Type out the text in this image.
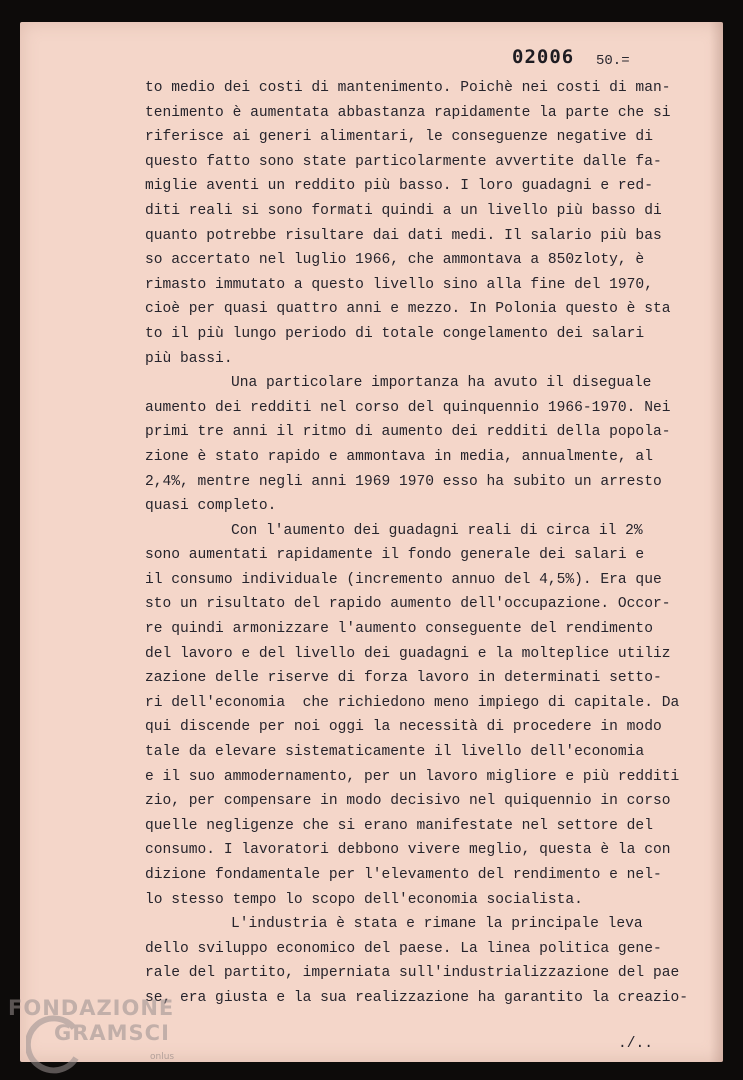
02006 50.=
to medio dei costi di mantenimento. Poichè nei costi di man-
tenimento è aumentata abbastanza rapidamente la parte che si
riferisce ai generi alimentari, le conseguenze negative di
questo fatto sono state particolarmente avvertite dalle fa-
miglie aventi un reddito più basso. I loro guadagni e red-
diti reali si sono formati quindi a un livello più basso di
quanto potrebbe risultare dai dati medi. Il salario più bas
so accertato nel luglio 1966, che ammontava a 850zloty, è
rimasto immutato a questo livello sino alla fine del 1970,
cioè per quasi quattro anni e mezzo. In Polonia questo è sta
to il più lungo periodo di totale congelamento dei salari
più bassi.
Una particolare importanza ha avuto il diseguale
aumento dei redditi nel corso del quinquennio 1966-1970. Nei
primi tre anni il ritmo di aumento dei redditi della popola-
zione è stato rapido e ammontava in media, annualmente, al
2,4%, mentre negli anni 1969 1970 esso ha subito un arresto
quasi completo.
Con l'aumento dei guadagni reali di circa il 2%
sono aumentati rapidamente il fondo generale dei salari e
il consumo individuale (incremento annuo del 4,5%). Era que
sto un risultato del rapido aumento dell'occupazione. Occor-
re quindi armonizzare l'aumento conseguente del rendimento
del lavoro e del livello dei guadagni e la molteplice utiliz
zazione delle riserve di forza lavoro in determinati setto-
ri dell'economia  che richiedono meno impiego di capitale. Da
qui discende per noi oggi la necessità di procedere in modo
tale da elevare sistematicamente il livello dell'economia
e il suo ammodernamento, per un lavoro migliore e più redditi
zio, per compensare in modo decisivo nel quiquennio in corso
quelle negligenze che si erano manifestate nel settore del
consumo. I lavoratori debbono vivere meglio, questa è la con
dizione fondamentale per l'elevamento del rendimento e nel-
lo stesso tempo lo scopo dell'economia socialista.
L'industria è stata e rimane la principale leva
dello sviluppo economico del paese. La linea politica gene-
rale del partito, imperniata sull'industrializzazione del pae
se, era giusta e la sua realizzazione ha garantito la creazio-
./..
FONDAZIONE
GRAMSCI
onlus
